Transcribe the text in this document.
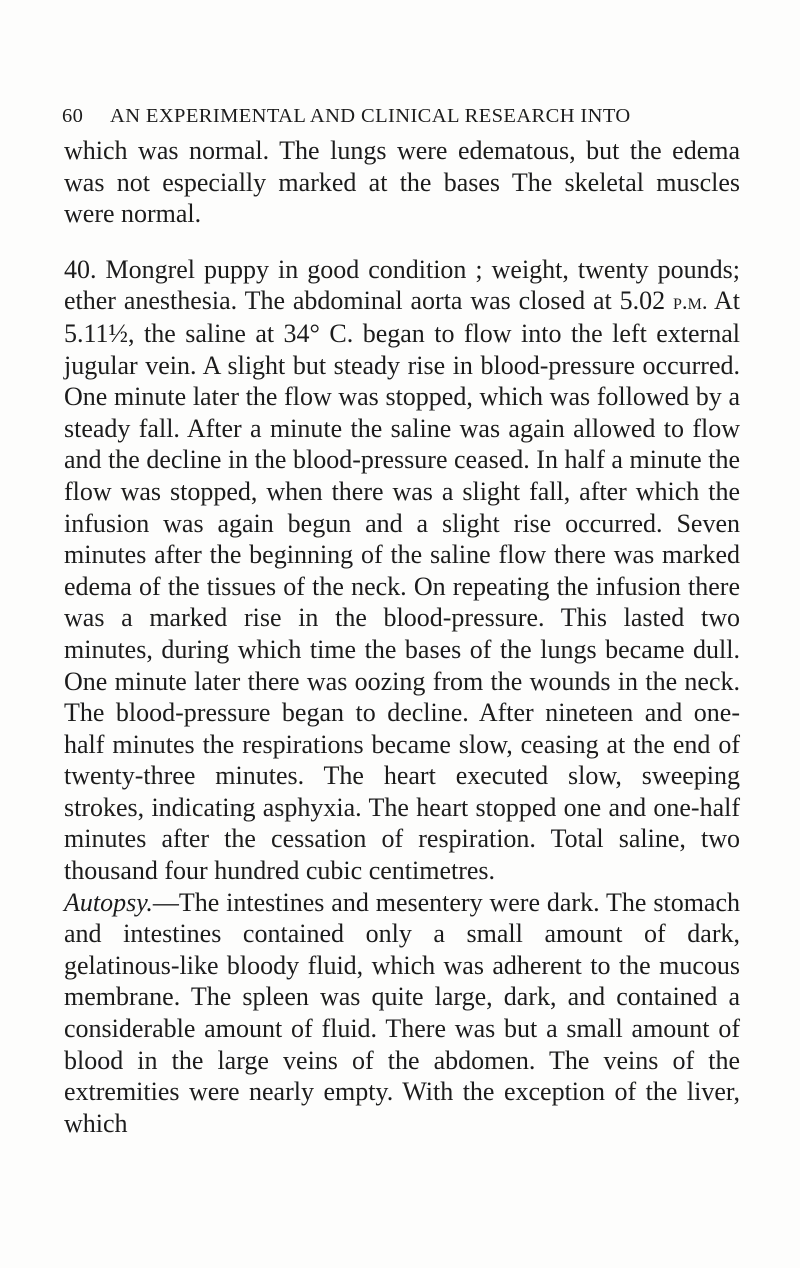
60 AN EXPERIMENTAL AND CLINICAL RESEARCH INTO

which was normal. The lungs were edematous, but the edema was not especially marked at the bases The skeletal muscles were normal.

40. Mongrel puppy in good condition ; weight, twenty pounds; ether anesthesia. The abdominal aorta was closed at 5.02 p.m. At 5.11½, the saline at 34° C. began to flow into the left external jugular vein. A slight but steady rise in blood-pressure occurred. One minute later the flow was stopped, which was followed by a steady fall. After a minute the saline was again allowed to flow and the decline in the blood-pressure ceased. In half a minute the flow was stopped, when there was a slight fall, after which the infusion was again begun and a slight rise occurred. Seven minutes after the beginning of the saline flow there was marked edema of the tissues of the neck. On repeating the infusion there was a marked rise in the blood-pressure. This lasted two minutes, during which time the bases of the lungs became dull. One minute later there was oozing from the wounds in the neck. The blood-pressure began to decline. After nineteen and one-half minutes the respirations became slow, ceasing at the end of twenty-three minutes. The heart executed slow, sweeping strokes, indicating asphyxia. The heart stopped one and one-half minutes after the cessation of respiration. Total saline, two thousand four hundred cubic centimetres.

Autopsy.—The intestines and mesentery were dark. The stomach and intestines contained only a small amount of dark, gelatinous-like bloody fluid, which was adherent to the mucous membrane. The spleen was quite large, dark, and contained a considerable amount of fluid. There was but a small amount of blood in the large veins of the abdomen. The veins of the extremities were nearly empty. With the exception of the liver, which
